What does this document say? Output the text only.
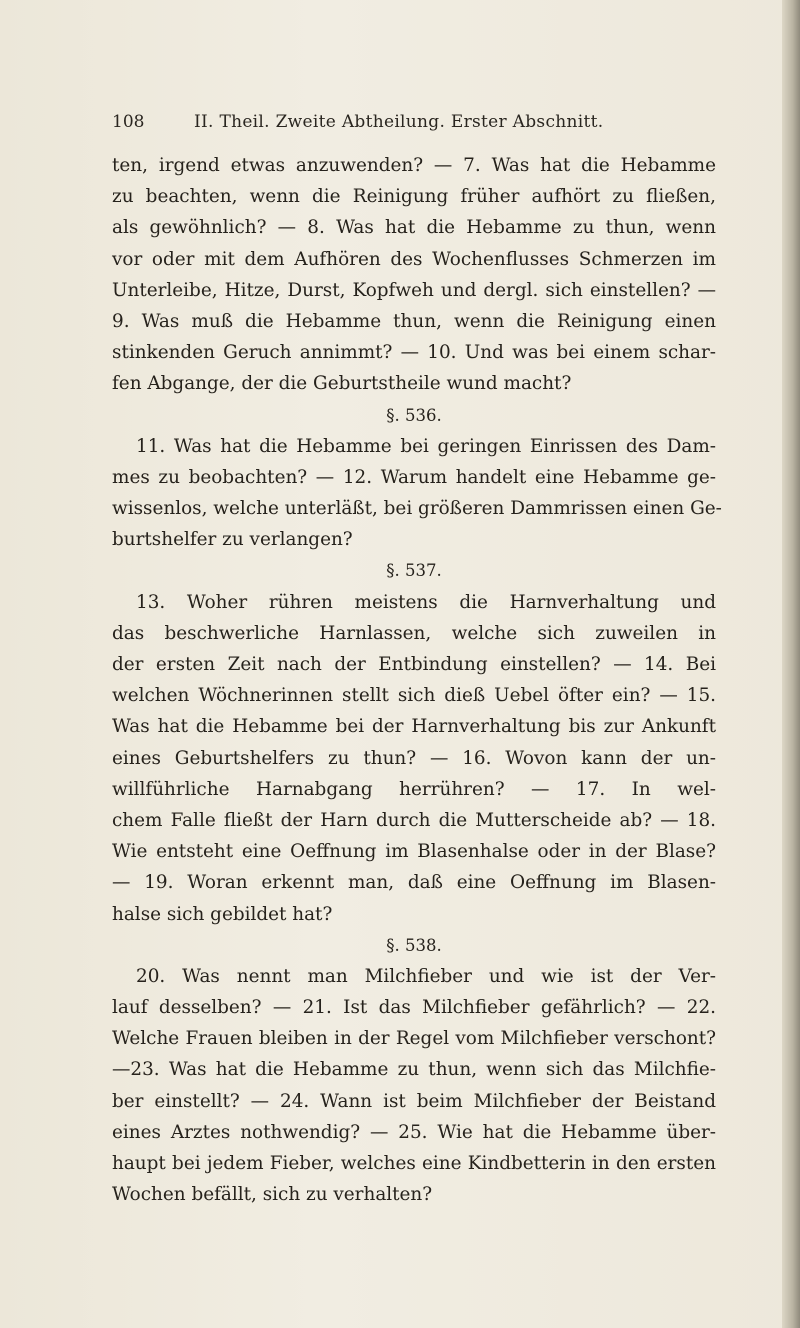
108	II. Theil. Zweite Abtheilung. Erster Abschnitt.
ten, irgend etwas anzuwenden? — 7. Was hat die Hebamme
zu beachten, wenn die Reinigung früher aufhört zu fließen,
als gewöhnlich? — 8. Was hat die Hebamme zu thun, wenn
vor oder mit dem Aufhören des Wochenflusses Schmerzen im
Unterleibe, Hitze, Durst, Kopfweh und dergl. sich einstellen? —
9. Was muß die Hebamme thun, wenn die Reinigung einen
stinkenden Geruch annimmt? — 10. Und was bei einem schar-
fen Abgange, der die Geburtstheile wund macht?
§. 536.
11. Was hat die Hebamme bei geringen Einrissen des Dam-
mes zu beobachten? — 12. Warum handelt eine Hebamme ge-
wissenlos, welche unterläßt, bei größeren Dammrissen einen Ge-
burtshelfer zu verlangen?
§. 537.
13. Woher rühren meistens die Harnverhaltung und
das beschwerliche Harnlassen, welche sich zuweilen in
der ersten Zeit nach der Entbindung einstellen? — 14. Bei
welchen Wöchnerinnen stellt sich dieß Uebel öfter ein? — 15.
Was hat die Hebamme bei der Harnverhaltung bis zur Ankunft
eines Geburtshelfers zu thun? — 16. Wovon kann der un-
willführliche Harnabgang herrühren? — 17. In wel-
chem Falle fließt der Harn durch die Mutterscheide ab? — 18.
Wie entsteht eine Oeffnung im Blasenhalse oder in der Blase?
— 19. Woran erkennt man, daß eine Oeffnung im Blasen-
halse sich gebildet hat?
§. 538.
20. Was nennt man Milchfieber und wie ist der Ver-
lauf desselben? — 21. Ist das Milchfieber gefährlich? — 22.
Welche Frauen bleiben in der Regel vom Milchfieber verschont?
—23. Was hat die Hebamme zu thun, wenn sich das Milchfie-
ber einstellt? — 24. Wann ist beim Milchfieber der Beistand
eines Arztes nothwendig? — 25. Wie hat die Hebamme über-
haupt bei jedem Fieber, welches eine Kindbetterin in den ersten
Wochen befällt, sich zu verhalten?
